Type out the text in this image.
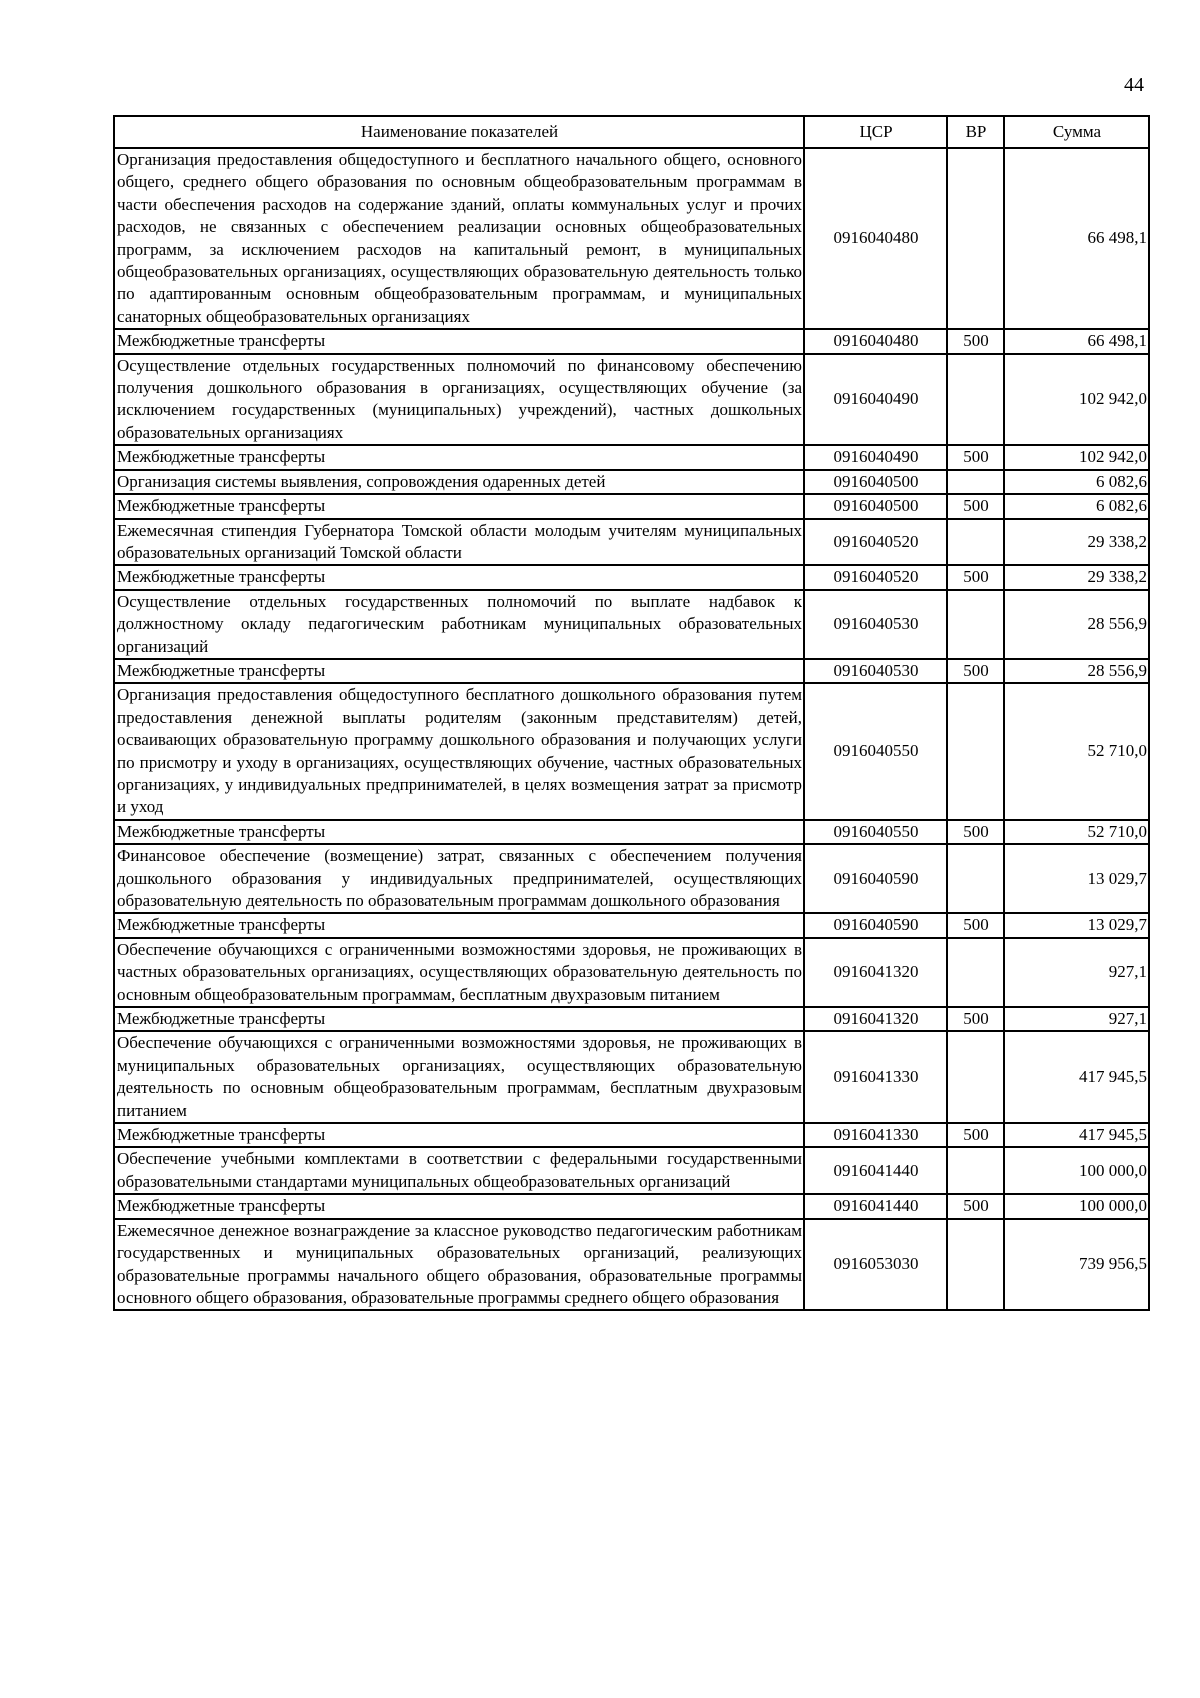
44
Наименование показателей	ЦСР	ВР	Сумма
Организация предоставления общедоступного и бесплатного начального общего, основного общего, среднего общего образования по основным общеобразовательным программам в части обеспечения расходов на содержание зданий, оплаты коммунальных услуг и прочих расходов, не связанных с обеспечением реализации основных общеобразовательных программ, за исключением расходов на капитальный ремонт, в муниципальных общеобразовательных организациях, осуществляющих образовательную деятельность только по адаптированным основным общеобразовательным программам, и муниципальных санаторных общеобразовательных организациях	0916040480		66 498,1
Межбюджетные трансферты	0916040480	500	66 498,1
Осуществление отдельных государственных полномочий по финансовому обеспечению получения дошкольного образования в организациях, осуществляющих обучение (за исключением государственных (муниципальных) учреждений), частных дошкольных образовательных организациях	0916040490		102 942,0
Межбюджетные трансферты	0916040490	500	102 942,0
Организация системы выявления, сопровождения одаренных детей	0916040500		6 082,6
Межбюджетные трансферты	0916040500	500	6 082,6
Ежемесячная стипендия Губернатора Томской области молодым учителям муниципальных образовательных организаций Томской области	0916040520		29 338,2
Межбюджетные трансферты	0916040520	500	29 338,2
Осуществление отдельных государственных полномочий по выплате надбавок к должностному окладу педагогическим работникам муниципальных образовательных организаций	0916040530		28 556,9
Межбюджетные трансферты	0916040530	500	28 556,9
Организация предоставления общедоступного бесплатного дошкольного образования путем предоставления денежной выплаты родителям (законным представителям) детей, осваивающих образовательную программу дошкольного образования и получающих услуги по присмотру и уходу в организациях, осуществляющих обучение, частных образовательных организациях, у индивидуальных предпринимателей, в целях возмещения затрат за присмотр и уход	0916040550		52 710,0
Межбюджетные трансферты	0916040550	500	52 710,0
Финансовое обеспечение (возмещение) затрат, связанных с обеспечением получения дошкольного образования у индивидуальных предпринимателей, осуществляющих образовательную деятельность по образовательным программам дошкольного образования	0916040590		13 029,7
Межбюджетные трансферты	0916040590	500	13 029,7
Обеспечение обучающихся с ограниченными возможностями здоровья, не проживающих в частных образовательных организациях, осуществляющих образовательную деятельность по основным общеобразовательным программам, бесплатным двухразовым питанием	0916041320		927,1
Межбюджетные трансферты	0916041320	500	927,1
Обеспечение обучающихся с ограниченными возможностями здоровья, не проживающих в муниципальных образовательных организациях, осуществляющих образовательную деятельность по основным общеобразовательным программам, бесплатным двухразовым питанием	0916041330		417 945,5
Межбюджетные трансферты	0916041330	500	417 945,5
Обеспечение учебными комплектами в соответствии с федеральными государственными образовательными стандартами муниципальных общеобразовательных организаций	0916041440		100 000,0
Межбюджетные трансферты	0916041440	500	100 000,0
Ежемесячное денежное вознаграждение за классное руководство педагогическим работникам государственных и муниципальных образовательных организаций, реализующих образовательные программы начального общего образования, образовательные программы основного общего образования, образовательные программы среднего общего образования	0916053030		739 956,5
